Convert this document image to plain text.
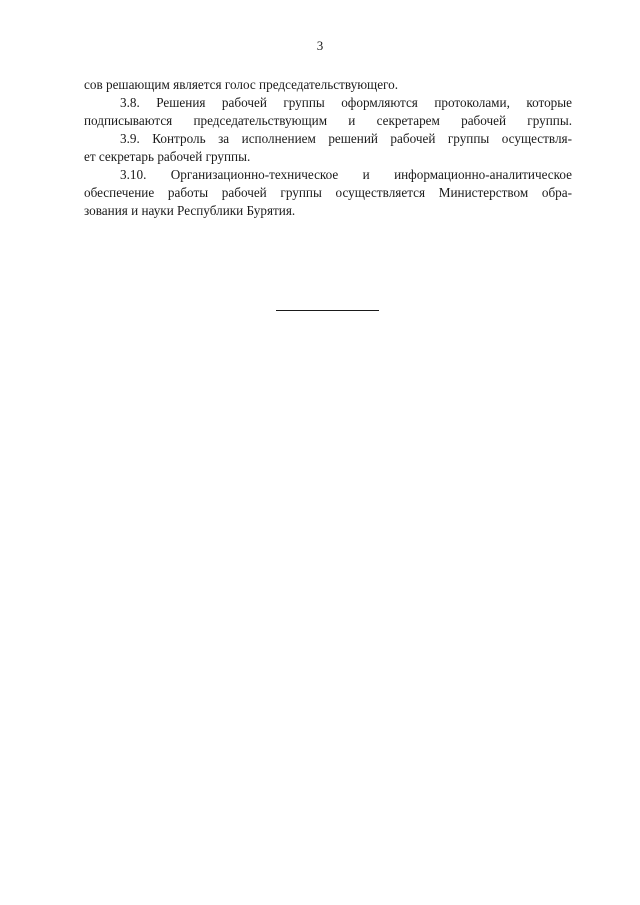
3
сов решающим является голос председательствующего.
3.8. Решения рабочей группы оформляются протоколами, которые
подписываются председательствующим и секретарем рабочей группы.
3.9. Контроль за исполнением решений рабочей группы осуществля-
ет секретарь рабочей группы.
3.10. Организационно-техническое и информационно-аналитическое
обеспечение работы рабочей группы осуществляется Министерством обра-
зования и науки Республики Бурятия.
